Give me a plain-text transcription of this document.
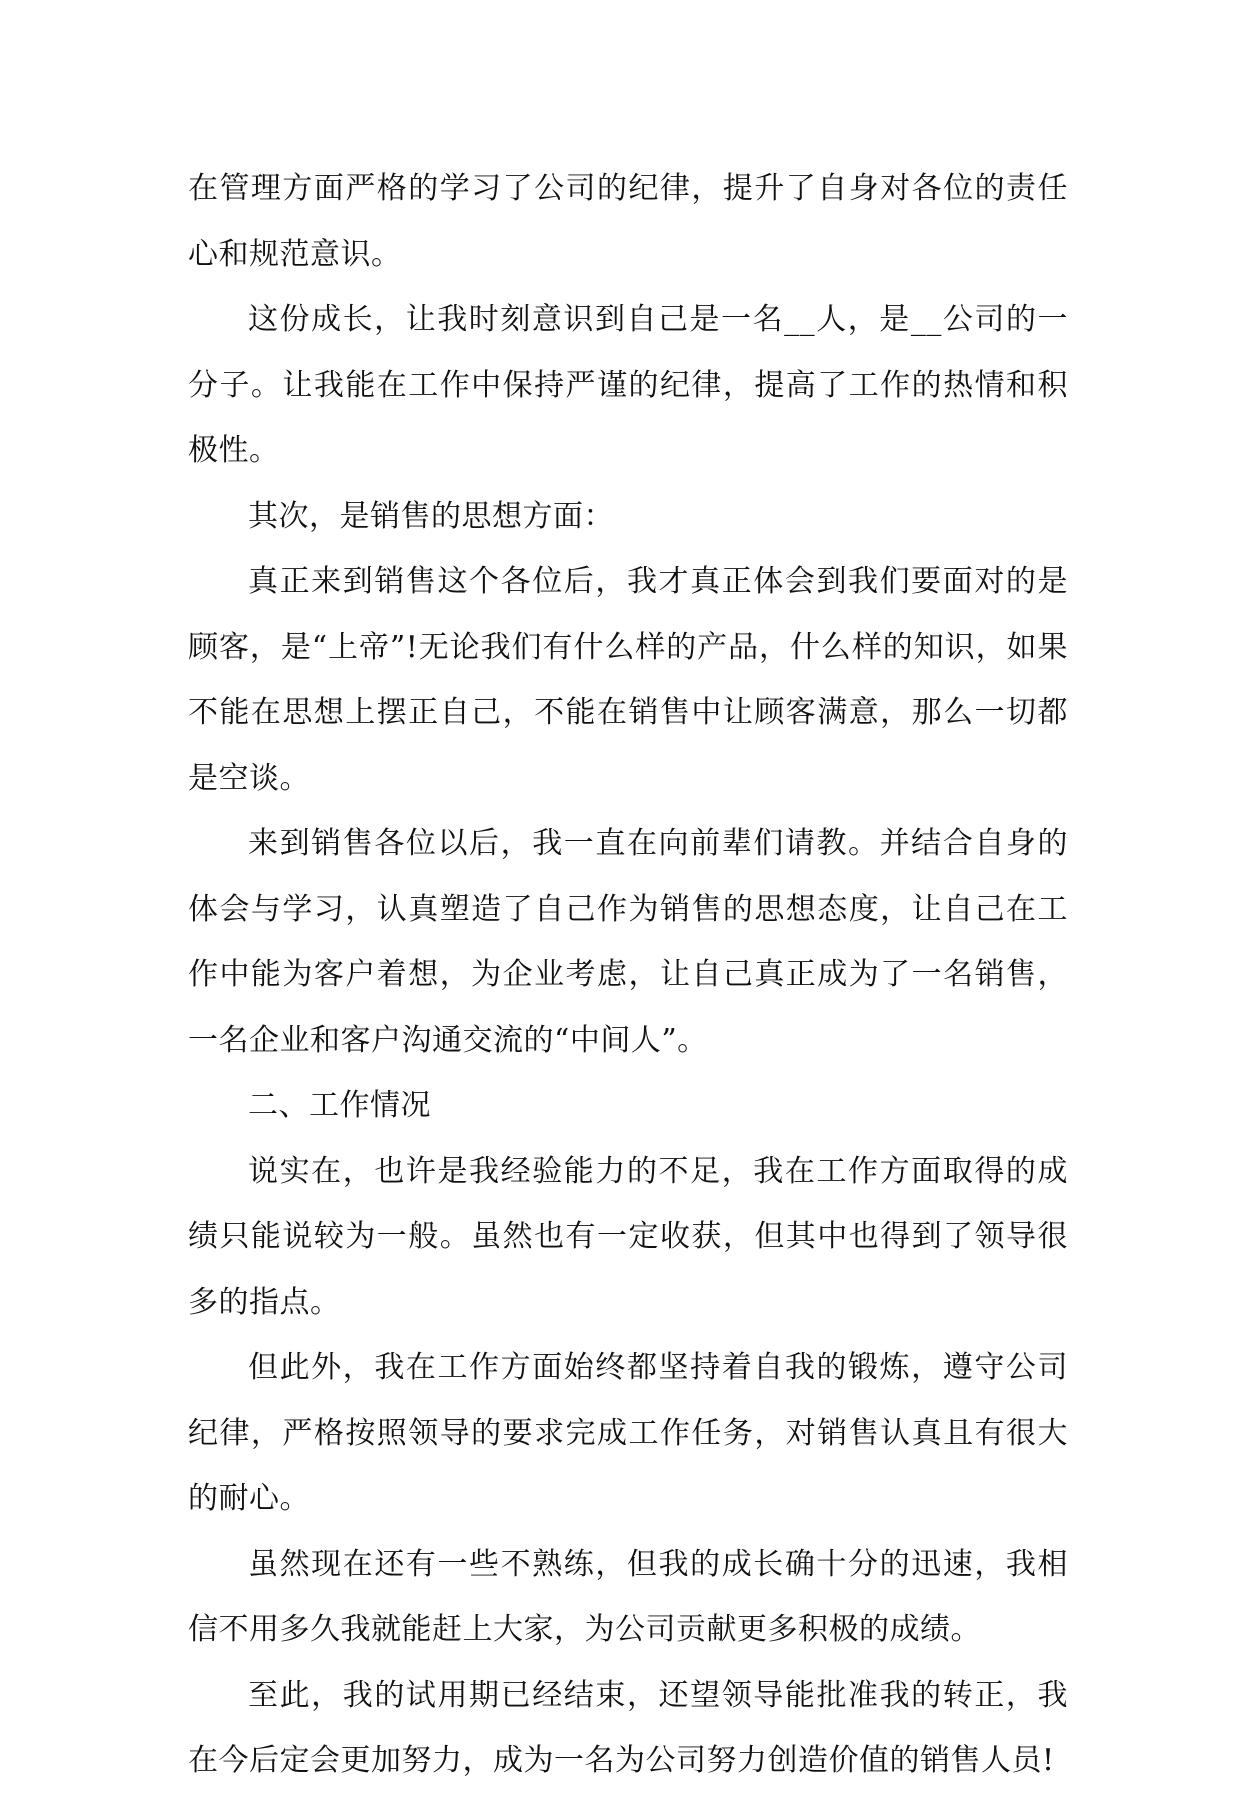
在管理方面严格的学习了公司的纪律，提升了自身对各位的责任心和规范意识。

这份成长，让我时刻意识到自己是一名__人，是__公司的一分子。让我能在工作中保持严谨的纪律，提高了工作的热情和积极性。

其次，是销售的思想方面：

真正来到销售这个各位后，我才真正体会到我们要面对的是顾客，是“上帝”!无论我们有什么样的产品，什么样的知识，如果不能在思想上摆正自己，不能在销售中让顾客满意，那么一切都是空谈。

来到销售各位以后，我一直在向前辈们请教。并结合自身的体会与学习，认真塑造了自己作为销售的思想态度，让自己在工作中能为客户着想，为企业考虑，让自己真正成为了一名销售，一名企业和客户沟通交流的“中间人”。

二、工作情况

说实在，也许是我经验能力的不足，我在工作方面取得的成绩只能说较为一般。虽然也有一定收获，但其中也得到了领导很多的指点。

但此外，我在工作方面始终都坚持着自我的锻炼，遵守公司纪律，严格按照领导的要求完成工作任务，对销售认真且有很大的耐心。

虽然现在还有一些不熟练，但我的成长确十分的迅速，我相信不用多久我就能赶上大家，为公司贡献更多积极的成绩。

至此，我的试用期已经结束，还望领导能批准我的转正，我在今后定会更加努力，成为一名为公司努力创造价值的销售人员!
